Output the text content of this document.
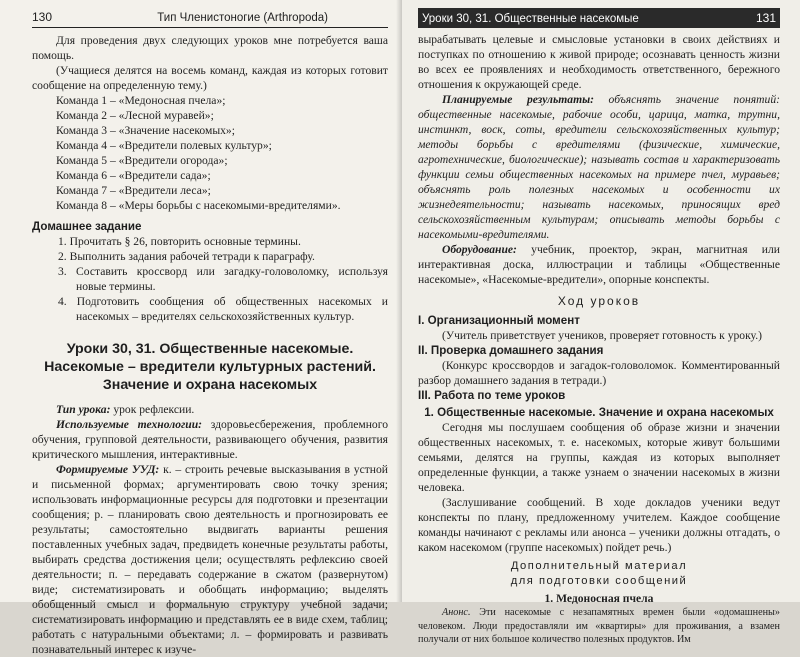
130	Тип Членистоногие (Arthropoda)

Для проведения двух следующих уроков мне потребуется ваша помощь.

(Учащиеся делятся на восемь команд, каждая из которых готовит сообщение на определенную тему.)

Команда 1 – «Медоносная пчела»;
Команда 2 – «Лесной муравей»;
Команда 3 – «Значение насекомых»;
Команда 4 – «Вредители полевых культур»;
Команда 5 – «Вредители огорода»;
Команда 6 – «Вредители сада»;
Команда 7 – «Вредители леса»;
Команда 8 – «Меры борьбы с насекомыми-вредителями».
Домашнее задание
1. Прочитать § 26, повторить основные термины.
2. Выполнить задания рабочей тетради к параграфу.
3. Составить кроссворд или загадку-головоломку, используя новые термины.
4. Подготовить сообщения об общественных насекомых и насекомых – вредителях сельскохозяйственных культур.
Уроки 30, 31. Общественные насекомые. Насекомые – вредители культурных растений. Значение и охрана насекомых

Тип урока: урок рефлексии.

Используемые технологии: здоровьесбережения, проблемного обучения, групповой деятельности, развивающего обучения, развития критического мышления, интерактивные.

Формируемые УУД: к. – строить речевые высказывания в устной и письменной формах; аргументировать свою точку зрения; использовать информационные ресурсы для подготовки и презентации сообщения; р. – планировать свою деятельность и прогнозировать ее результаты; самостоятельно выдвигать варианты решения поставленных учебных задач, предвидеть конечные результаты работы, выбирать средства достижения цели; осуществлять рефлексию своей деятельности; п. – передавать содержание в сжатом (развернутом) виде; систематизировать и обобщать информацию; выделять обобщенный смысл и формальную структуру учебной задачи; систематизировать информацию и представлять ее в виде схем, таблиц; работать с натуральными объектами; л. – формировать и развивать познавательный интерес к изуче-

Уроки 30, 31. Общественные насекомые	131

вырабатывать целевые и смысловые установки в своих действиях и поступках по отношению к живой природе; осознавать ценность жизни во всех ее проявлениях и необходимость ответственного, бережного отношения к окружающей среде.

Планируемые результаты: объяснять значение понятий: общественные насекомые, рабочие особи, царица, матка, трутни, инстинкт, воск, соты, вредители сельскохозяйственных культур; методы борьбы с вредителями (физические, химические, агротехнические, биологические); называть состав и характеризовать функции семьи общественных насекомых на примере пчел, муравьев; объяснять роль полезных насекомых и особенности их жизнедеятельности; называть насекомых, приносящих вред сельскохозяйственным культурам; описывать методы борьбы с насекомыми-вредителями.

Оборудование: учебник, проектор, экран, магнитная или интерактивная доска, иллюстрации и таблицы «Общественные насекомые», «Насекомые-вредители», опорные конспекты.

Ход уроков
I. Организационный момент

(Учитель приветствует учеников, проверяет готовность к уроку.)

II. Проверка домашнего задания

(Конкурс кроссвордов и загадок-головоломок. Комментированный разбор домашнего задания в тетради.)

III. Работа по теме уроков
1. Общественные насекомые. Значение и охрана насекомых

Сегодня мы послушаем сообщения об образе жизни и значении общественных насекомых, т. е. насекомых, которые живут большими семьями, делятся на группы, каждая из которых выполняет определенные функции, а также узнаем о значении насекомых в жизни человека.

(Заслушивание сообщений. В ходе докладов ученики ведут конспекты по плану, предложенному учителем. Каждое сообщение команды начинают с рекламы или анонса – ученики должны отгадать, о каком насекомом (группе насекомых) пойдет речь.)

Дополнительный материал
для подготовки сообщений
1. Медоносная пчела

Анонс. Эти насекомые с незапамятных времен были «одомашнены» человеком. Люди предоставляли им «квартиры» для проживания, а взамен получали от них большое количество полезных продуктов. Им
